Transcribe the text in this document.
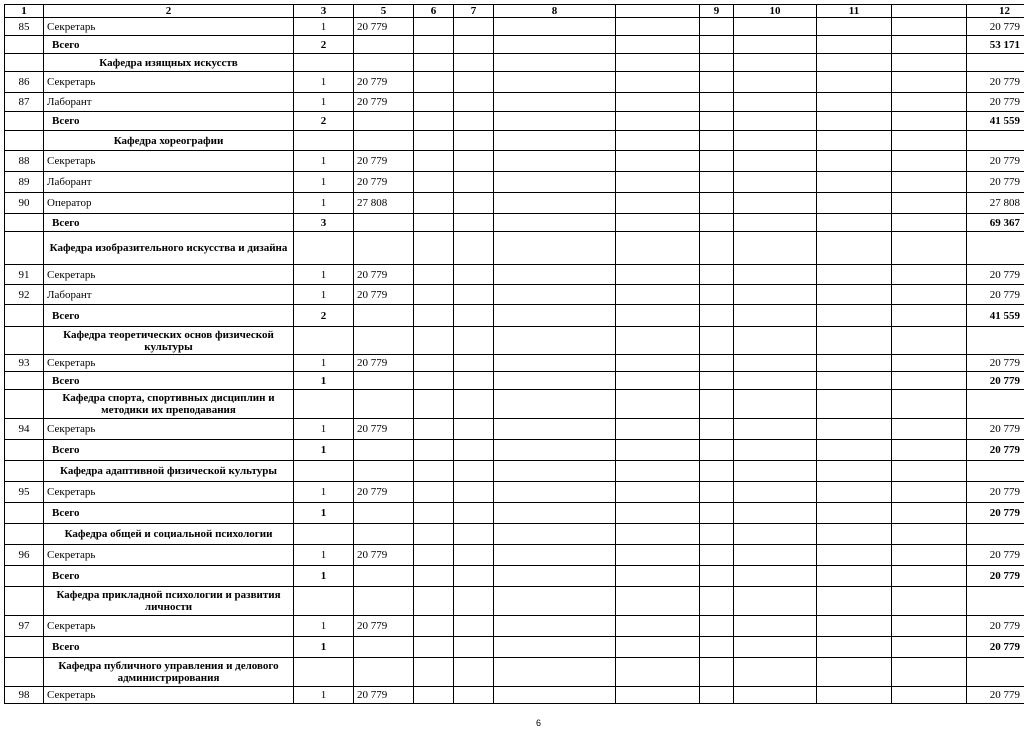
1	2	3	5	6	7	8		9	10	11		12
85	Секретарь	1	20 779									20 779
	Всего	2										53 171
	Кафедра изящных искусств											
86	Секретарь	1	20 779									20 779
87	Лаборант	1	20 779									20 779
	Всего	2										41 559
	Кафедра хореографии											
88	Секретарь	1	20 779									20 779
89	Лаборант	1	20 779									20 779
90	Оператор	1	27 808									27 808
	Всего	3										69 367
	Кафедра изобразительного искусства и дизайна											
91	Секретарь	1	20 779									20 779
92	Лаборант	1	20 779									20 779
	Всего	2										41 559
	Кафедра теоретических основ физической культуры											
93	Секретарь	1	20 779									20 779
	Всего	1										20 779
	Кафедра спорта, спортивных дисциплин и методики их преподавания											
94	Секретарь	1	20 779									20 779
	Всего	1										20 779
	Кафедра адаптивной физической культуры											
95	Секретарь	1	20 779									20 779
	Всего	1										20 779
	Кафедра общей и социальной психологии											
96	Секретарь	1	20 779									20 779
	Всего	1										20 779
	Кафедра прикладной психологии и развития личности											
97	Секретарь	1	20 779									20 779
	Всего	1										20 779
	Кафедра публичного управления и делового администрирования											
98	Секретарь	1	20 779									20 779
6
